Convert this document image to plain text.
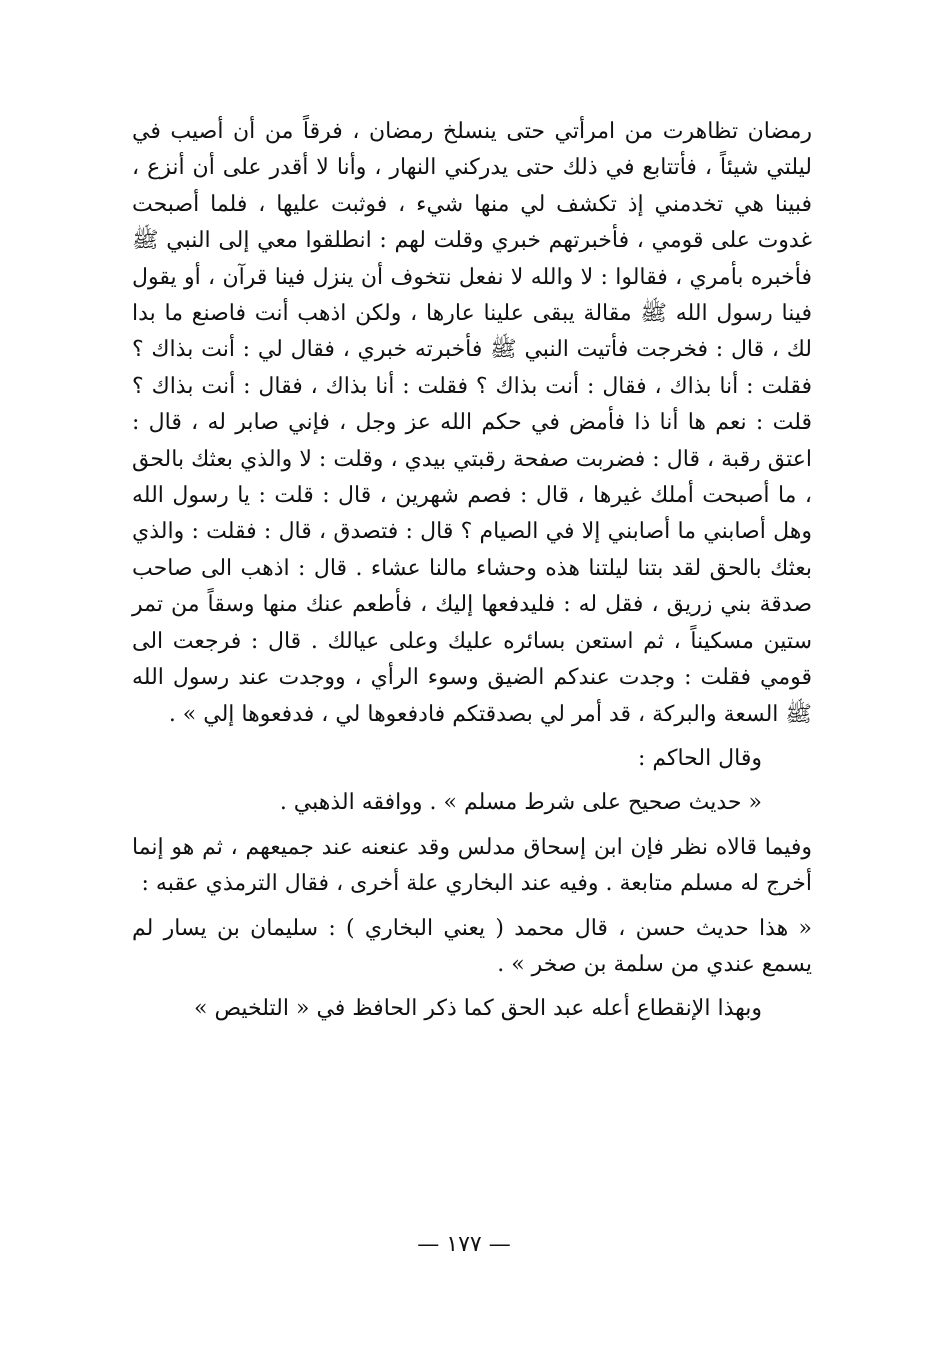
رمضان تظاهرت من امرأتي حتى ينسلخ رمضان ، فرقاً من أن أصيب في ليلتي شيئاً ، فأتتابع في ذلك حتى يدركني النهار ، وأنا لا أقدر على أن أنزع ، فبينا هي تخدمني إذ تكشف لي منها شيء ، فوثبت عليها ، فلما أصبحت غدوت على قومي ، فأخبرتهم خبري وقلت لهم : انطلقوا معي إلى النبي ﷺ فأخبره بأمري ، فقالوا : لا والله لا نفعل نتخوف أن ينزل فينا قرآن ، أو يقول فينا رسول الله ﷺ مقالة يبقى علينا عارها ، ولكن اذهب أنت فاصنع ما بدا لك ، قال : فخرجت فأتيت النبي ﷺ فأخبرته خبري ، فقال لي : أنت بذاك ؟ فقلت : أنا بذاك ، فقال : أنت بذاك ؟ فقلت : أنا بذاك ، فقال : أنت بذاك ؟ قلت : نعم ها أنا ذا فأمض في حكم الله عز وجل ، فإني صابر له ، قال : اعتق رقبة ، قال : فضربت صفحة رقبتي بيدي ، وقلت : لا والذي بعثك بالحق ، ما أصبحت أملك غيرها ، قال : فصم شهرين ، قال : قلت : يا رسول الله وهل أصابني ما أصابني إلا في الصيام ؟ قال : فتصدق ، قال : فقلت : والذي بعثك بالحق لقد بتنا ليلتنا هذه وحشاء مالنا عشاء . قال : اذهب الى صاحب صدقة بني زريق ، فقل له : فليدفعها إليك ، فأطعم عنك منها وسقاً من تمر ستين مسكيناً ، ثم استعن بسائره عليك وعلى عيالك . قال : فرجعت الى قومي فقلت : وجدت عندكم الضيق وسوء الرأي ، ووجدت عند رسول الله ﷺ السعة والبركة ، قد أمر لي بصدقتكم فادفعوها لي ، فدفعوها إلي » .

وقال الحاكم :

« حديث صحيح على شرط مسلم » . ووافقه الذهبي .

وفيما قالاه نظر فإن ابن إسحاق مدلس وقد عنعنه عند جميعهم ، ثم هو إنما أخرج له مسلم متابعة . وفيه عند البخاري علة أخرى ، فقال الترمذي عقبه :

« هذا حديث حسن ، قال محمد ( يعني البخاري ) : سليمان بن يسار لم يسمع عندي من سلمة بن صخر » .

وبهذا الإنقطاع أعله عبد الحق كما ذكر الحافظ في « التلخيص »

— ١٧٧ —
